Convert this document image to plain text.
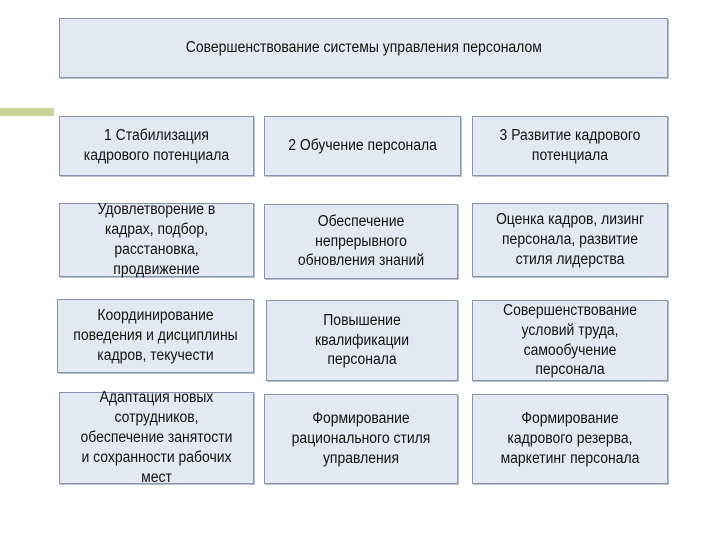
Совершенствование системы управления персоналом
1 Стабилизация кадрового потенциала
Удовлетворение в кадрах, подбор, расстановка, продвижение
Координирование поведения и дисциплины кадров, текучести
Адаптация новых сотрудников, обеспечение занятости и сохранности рабочих мест
2 Обучение персонала
Обеспечение непрерывного обновления знаний
Повышение квалификации персонала
Формирование рационального стиля управления
3 Развитие кадрового потенциала
Оценка кадров, лизинг персонала, развитие стиля лидерства
Совершенствование условий труда, самообучение персонала
Формирование кадрового резерва, маркетинг персонала
